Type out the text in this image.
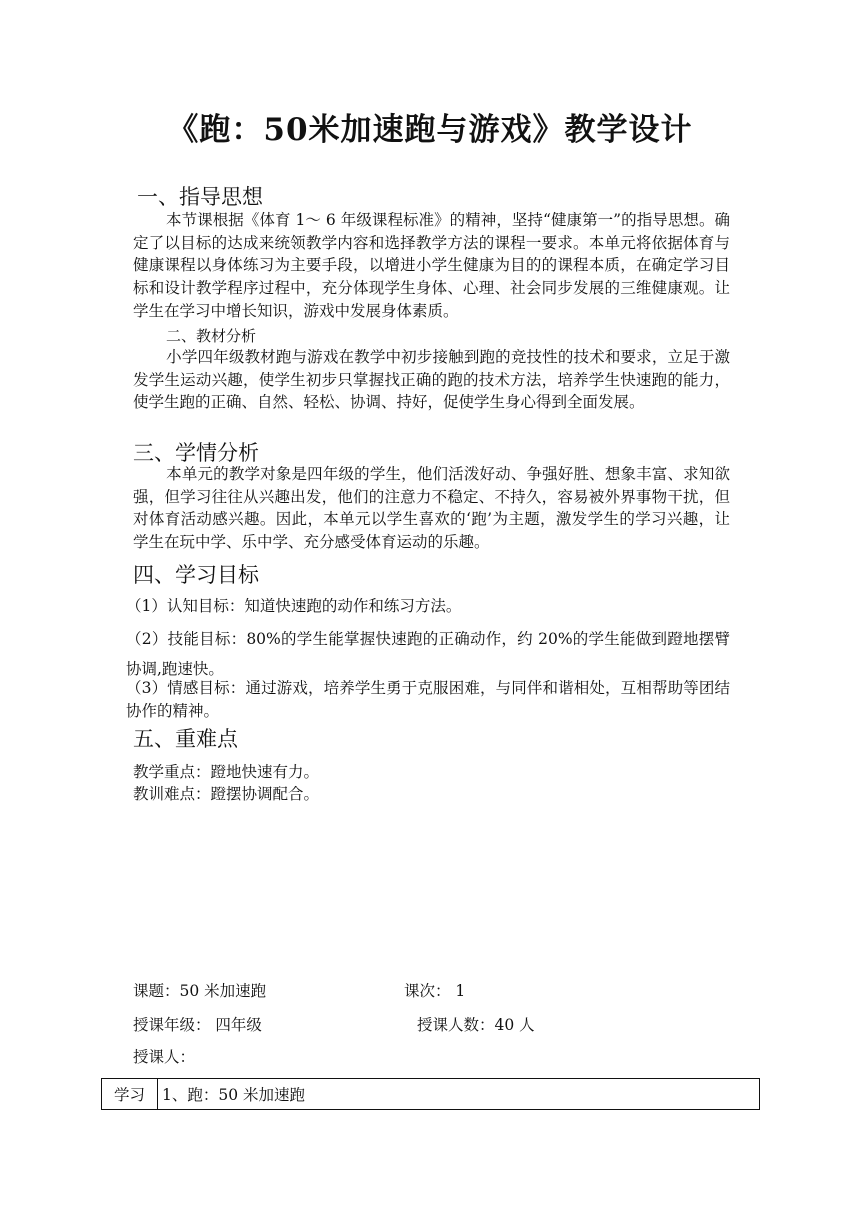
《跑：50米加速跑与游戏》教学设计
一、指导思想
本节课根据《体育 1～ 6 年级课程标准》的精神，坚持“健康第一”的指导思想。确定了以目标的达成来统领教学内容和选择教学方法的课程一要求。本单元将依据体育与健康课程以身体练习为主要手段，以增进小学生健康为目的的课程本质，在确定学习目标和设计教学程序过程中，充分体现学生身体、心理、社会同步发展的三维健康观。让学生在学习中增长知识，游戏中发展身体素质。
二、教材分析
小学四年级教材跑与游戏在教学中初步接触到跑的竞技性的技术和要求，立足于激发学生运动兴趣，使学生初步只掌握找正确的跑的技术方法，培养学生快速跑的能力，使学生跑的正确、自然、轻松、协调、持好，促使学生身心得到全面发展。
三、学情分析
本单元的教学对象是四年级的学生，他们活泼好动、争强好胜、想象丰富、求知欲强，但学习往往从兴趣出发，他们的注意力不稳定、不持久，容易被外界事物干扰，但对体育活动感兴趣。因此，本单元以学生喜欢的‘跑’为主题，激发学生的学习兴趣，让学生在玩中学、乐中学、充分感受体育运动的乐趣。
四、学习目标
（1）认知目标：知道快速跑的动作和练习方法。
（2）技能目标：80%的学生能掌握快速跑的正确动作，约 20%的学生能做到蹬地摆臂协调,跑速快。
（3）情感目标：通过游戏，培养学生勇于克服困难，与同伴和谐相处，互相帮助等团结协作的精神。
五、重难点
教学重点：蹬地快速有力。
教训难点：蹬摆协调配合。
课题：50 米加速跑	课次： 1
授课年级： 四年级	授课人数：40 人
授课人：
学习	1、跑：50 米加速跑
